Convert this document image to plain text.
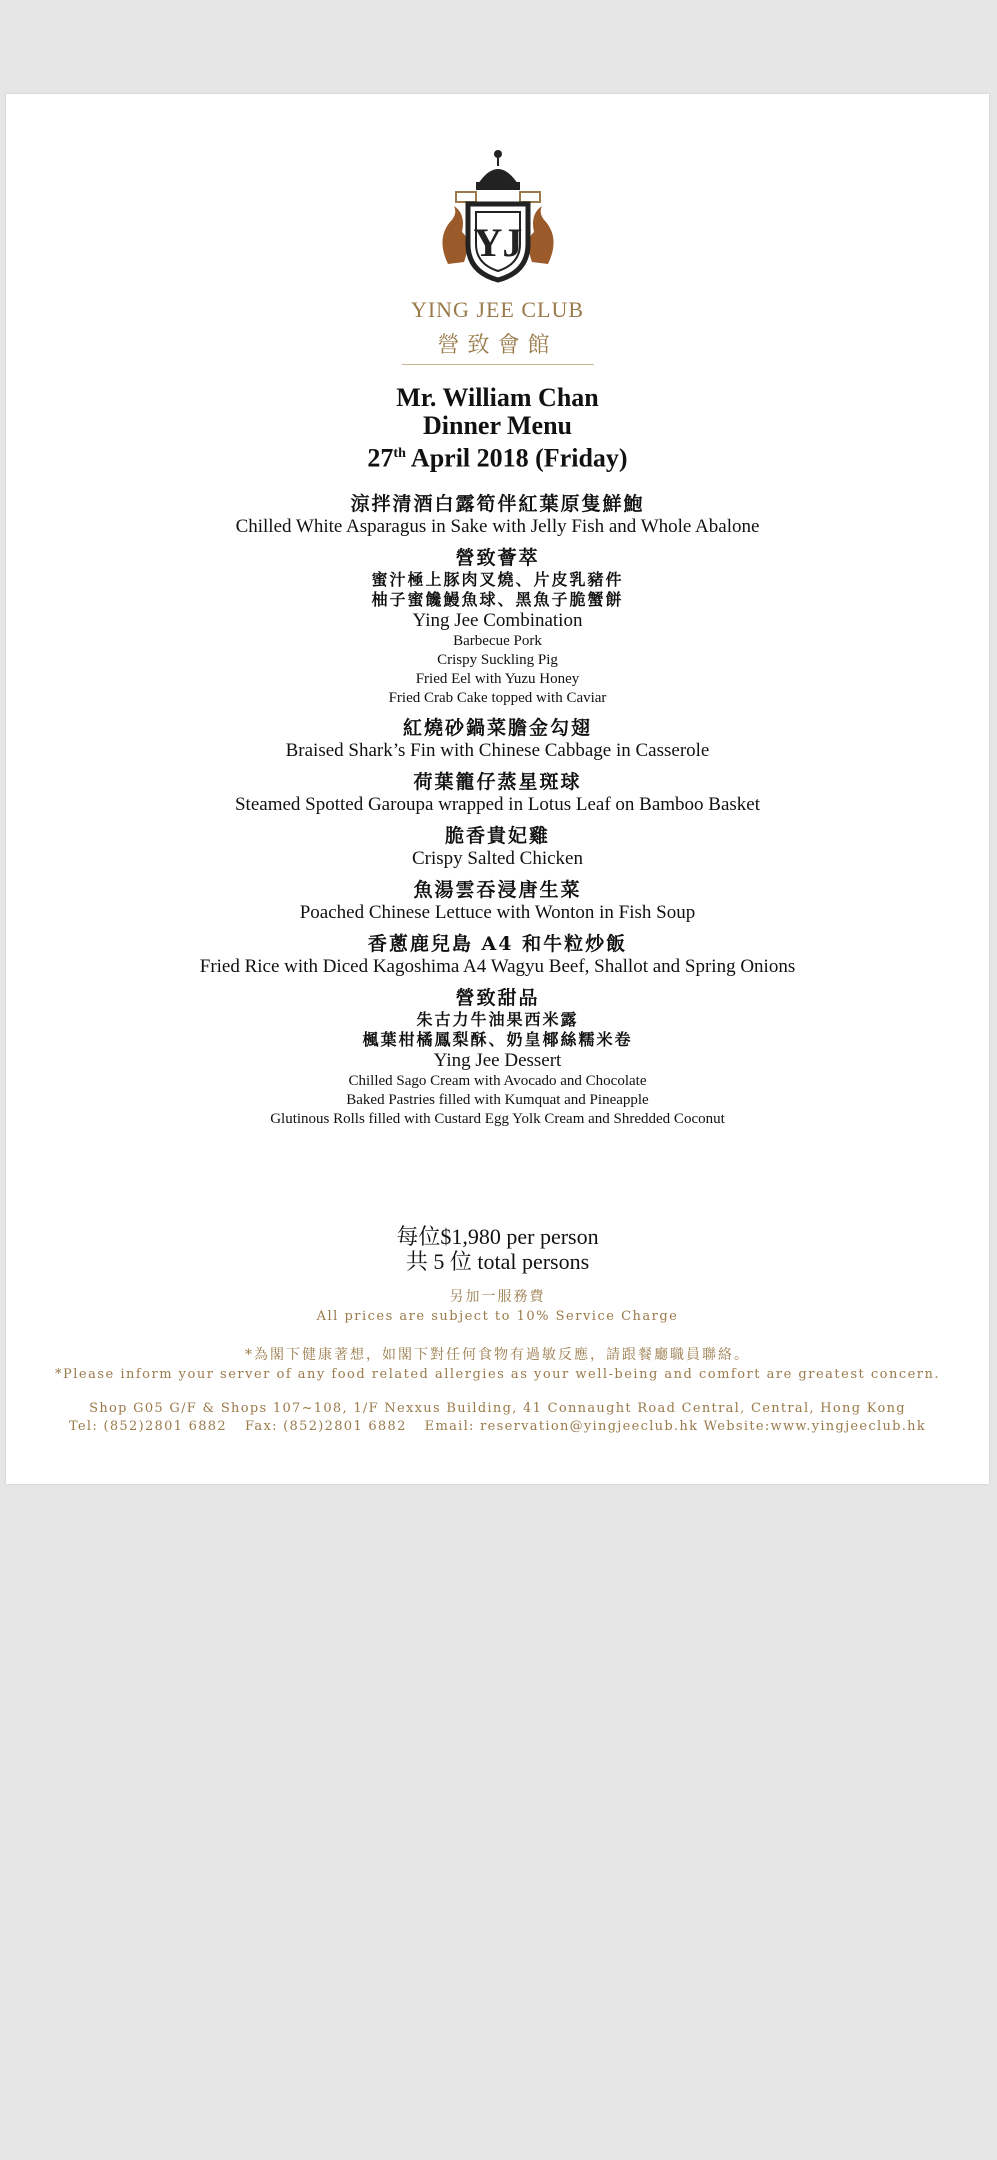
YJ
YING JEE CLUB
營致會館
Mr. William Chan
Dinner Menu
27th April 2018 (Friday)
涼拌清酒白露筍伴紅葉原隻鮮鮑
Chilled White Asparagus in Sake with Jelly Fish and Whole Abalone
營致薈萃
蜜汁極上豚肉叉燒、片皮乳豬件
柚子蜜饞鰻魚球、黑魚子脆蟹餅
Ying Jee Combination
Barbecue Pork
Crispy Suckling Pig
Fried Eel with Yuzu Honey
Fried Crab Cake topped with Caviar
紅燒砂鍋菜膽金勾翅
Braised Shark’s Fin with Chinese Cabbage in Casserole
荷葉籠仔蒸星斑球
Steamed Spotted Garoupa wrapped in Lotus Leaf on Bamboo Basket
脆香貴妃雞
Crispy Salted Chicken
魚湯雲吞浸唐生菜
Poached Chinese Lettuce with Wonton in Fish Soup
香蔥鹿兒島 A4 和牛粒炒飯
Fried Rice with Diced Kagoshima A4 Wagyu Beef, Shallot and Spring Onions
營致甜品
朱古力牛油果西米露
楓葉柑橘鳳梨酥、奶皇椰絲糯米卷
Ying Jee Dessert
Chilled Sago Cream with Avocado and Chocolate
Baked Pastries filled with Kumquat and Pineapple
Glutinous Rolls filled with Custard Egg Yolk Cream and Shredded Coconut
每位$1,980 per person
共 5 位 total persons
另加一服務費
All prices are subject to 10% Service Charge
*為閣下健康著想，如閣下對任何食物有過敏反應，請跟餐廳職員聯絡。
*Please inform your server of any food related allergies as your well-being and comfort are greatest concern.
Shop G05 G/F & Shops 107~108, 1/F Nexxus Building, 41 Connaught Road Central, Central, Hong Kong
Tel: (852)2801 6882 Fax: (852)2801 6882 Email: reservation@yingjeeclub.hk Website:www.yingjeeclub.hk
